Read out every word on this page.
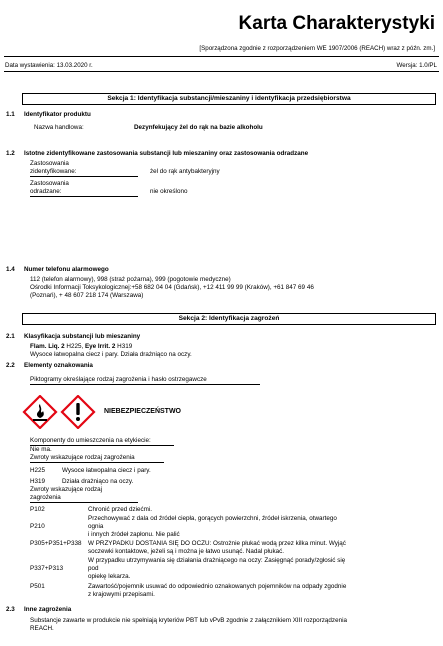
Karta Charakterystyki
[Sporządzona zgodnie z rozporządzeniem WE 1907/2006 (REACH) wraz z późn. zm.]
Data wystawienia: 13.03.2020 r.	Wersja: 1.0/PL
Sekcja 1: Identyfikacja substancji/mieszaniny i identyfikacja przedsiębiorstwa
1.1 Identyfikator produktu
Nazwa handlowa:	Dezynfekujący żel do rąk na bazie alkoholu
1.2 Istotne zidentyfikowane zastosowania substancji lub mieszaniny oraz zastosowania odradzane
Zastosowania
zidentyfikowane:	żel do rąk antybakteryjny
Zastosowania
odradzane:	nie określono
1.4 Numer telefonu alarmowego
112 (telefon alarmowy), 998 (straż pożarna), 999 (pogotowie medyczne)
Ośrodki Informacji Toksykologicznej:+58 682 04 04 (Gdańsk), +12 411 99 99 (Kraków), +61 847 69 46
(Poznań), + 48 607 218 174 (Warszawa)
Sekcja 2: Identyfikacja zagrożeń
2.1 Klasyfikacja substancji lub mieszaniny
Flam. Liq. 2 H225, Eye Irrit. 2 H319
Wysoce łatwopalna ciecz i pary. Działa drażniąco na oczy.
2.2 Elementy oznakowania
Piktogramy określające rodzaj zagrożenia i hasło ostrzegawcze
NIEBEZPIECZEŃSTWO
Komponenty do umieszczenia na etykiecie:
Nie ma.
Zwroty wskazujące rodzaj zagrożenia
H225	Wysoce łatwopalna ciecz i pary.
H319	Działa drażniąco na oczy.
Zwroty wskazujące rodzaj
zagrożenia
P102	Chronić przed dziećmi.
Przechowywać z dala od źródeł ciepła, gorących powierzchni, źródeł iskrzenia, otwartego
P210	ognia
i innych źródeł zapłonu. Nie palić
P305+P351+P338 W PRZYPADKU DOSTANIA SIĘ DO OCZU: Ostrożnie płukać wodą przez kilka minut. Wyjąć
soczewki kontaktowe, jeżeli są i można je łatwo usunąć. Nadal płukać.
W przypadku utrzymywania się działania drażniącego na oczy: Zasięgnąć porady/zgłosić się
P337+P313	pod
opiekę lekarza.
P501	Zawartość/pojemnik usuwać do odpowiednio oznakowanych pojemników na odpady zgodnie
z krajowymi przepisami.
2.3 Inne zagrożenia
Substancje zawarte w produkcie nie spełniają kryteriów PBT lub vPvB zgodnie z załącznikiem XIII rozporządzenia
REACH.
